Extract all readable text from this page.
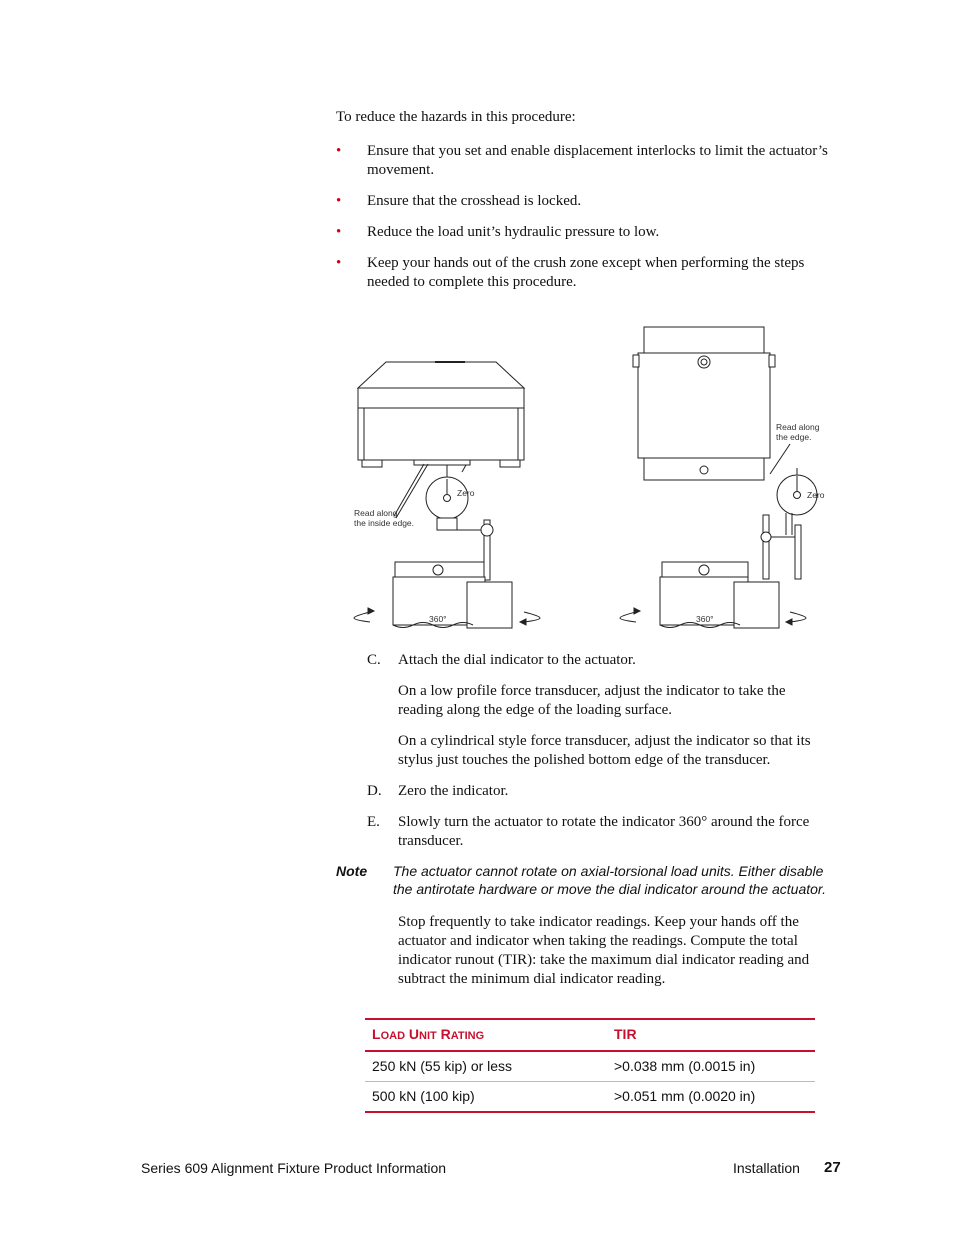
To reduce the hazards in this procedure:
• Ensure that you set and enable displacement interlocks to limit the actuator’s movement.
• Ensure that the crosshead is locked.
• Reduce the load unit’s hydraulic pressure to low.
• Keep your hands out of the crush zone except when performing the steps needed to complete this procedure.
Zero
Read along
the inside edge.
360°
Zero
Read along
the edge.
360°
C. Attach the dial indicator to the actuator.
On a low profile force transducer, adjust the indicator to take the reading along the edge of the loading surface.
On a cylindrical style force transducer, adjust the indicator so that its stylus just touches the polished bottom edge of the transducer.
D. Zero the indicator.
E. Slowly turn the actuator to rotate the indicator 360° around the force transducer.
Note The actuator cannot rotate on axial-torsional load units. Either disable the antirotate hardware or move the dial indicator around the actuator.
Stop frequently to take indicator readings. Keep your hands off the actuator and indicator when taking the readings. Compute the total indicator runout (TIR): take the maximum dial indicator reading and subtract the minimum dial indicator reading.
LOAD UNIT RATING	TIR
250 kN (55 kip) or less	>0.038 mm (0.0015 in)
500 kN (100 kip)	>0.051 mm (0.0020 in)
Series 609 Alignment Fixture Product Information	Installation 27
